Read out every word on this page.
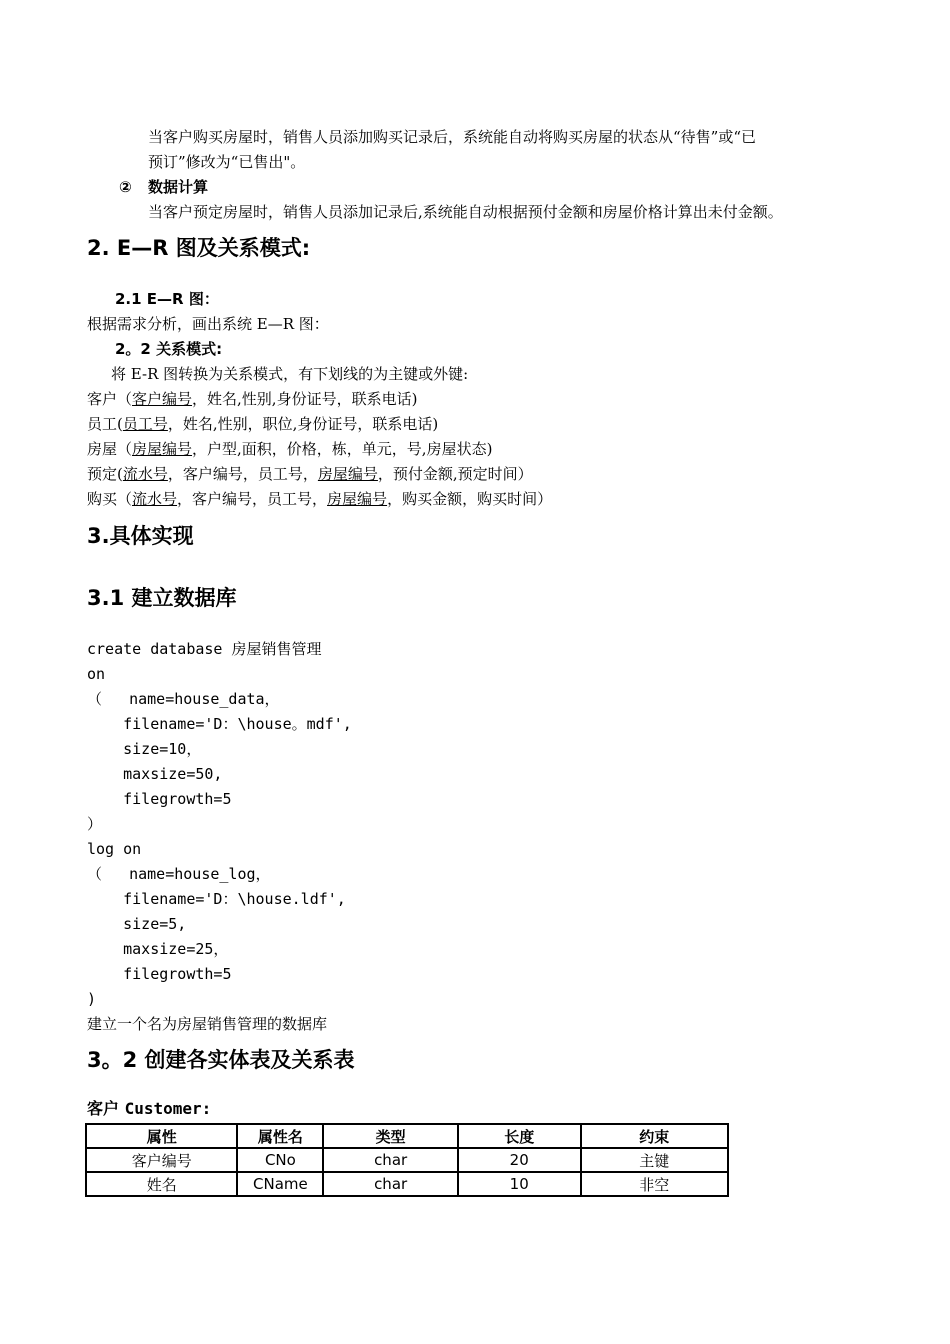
当客户购买房屋时，销售人员添加购买记录后，系统能自动将购买房屋的状态从“待售”或“已
预订”修改为“已售出"。
② 数据计算
当客户预定房屋时，销售人员添加记录后,系统能自动根据预付金额和房屋价格计算出未付金额。
2. E—R 图及关系模式:
2.1 E—R 图：
根据需求分析，画出系统 E—R 图：
2。2 关系模式:
将 E-R 图转换为关系模式，有下划线的为主键或外键:
客户（客户编号，姓名,性别,身份证号，联系电话)
员工(员工号，姓名,性别，职位,身份证号，联系电话)
房屋（房屋编号，户型,面积，价格，栋，单元，号,房屋状态)
预定(流水号，客户编号，员工号，房屋编号，预付金额,预定时间）
购买（流水号，客户编号，员工号，房屋编号，购买金额，购买时间）
3.具体实现
3.1 建立数据库
create database 房屋销售管理
on
（   name=house_data，
filename='D：\house。mdf',
size=10，
maxsize=50,
filegrowth=5
）
log on
（   name=house_log，
filename='D：\house.ldf',
size=5,
maxsize=25，
filegrowth=5
)
建立一个名为房屋销售管理的数据库
3。2 创建各实体表及关系表
客户 Customer:
属性	属性名	类型	长度	约束
客户编号	CNo	char	20	主键
姓名	CName	char	10	非空
